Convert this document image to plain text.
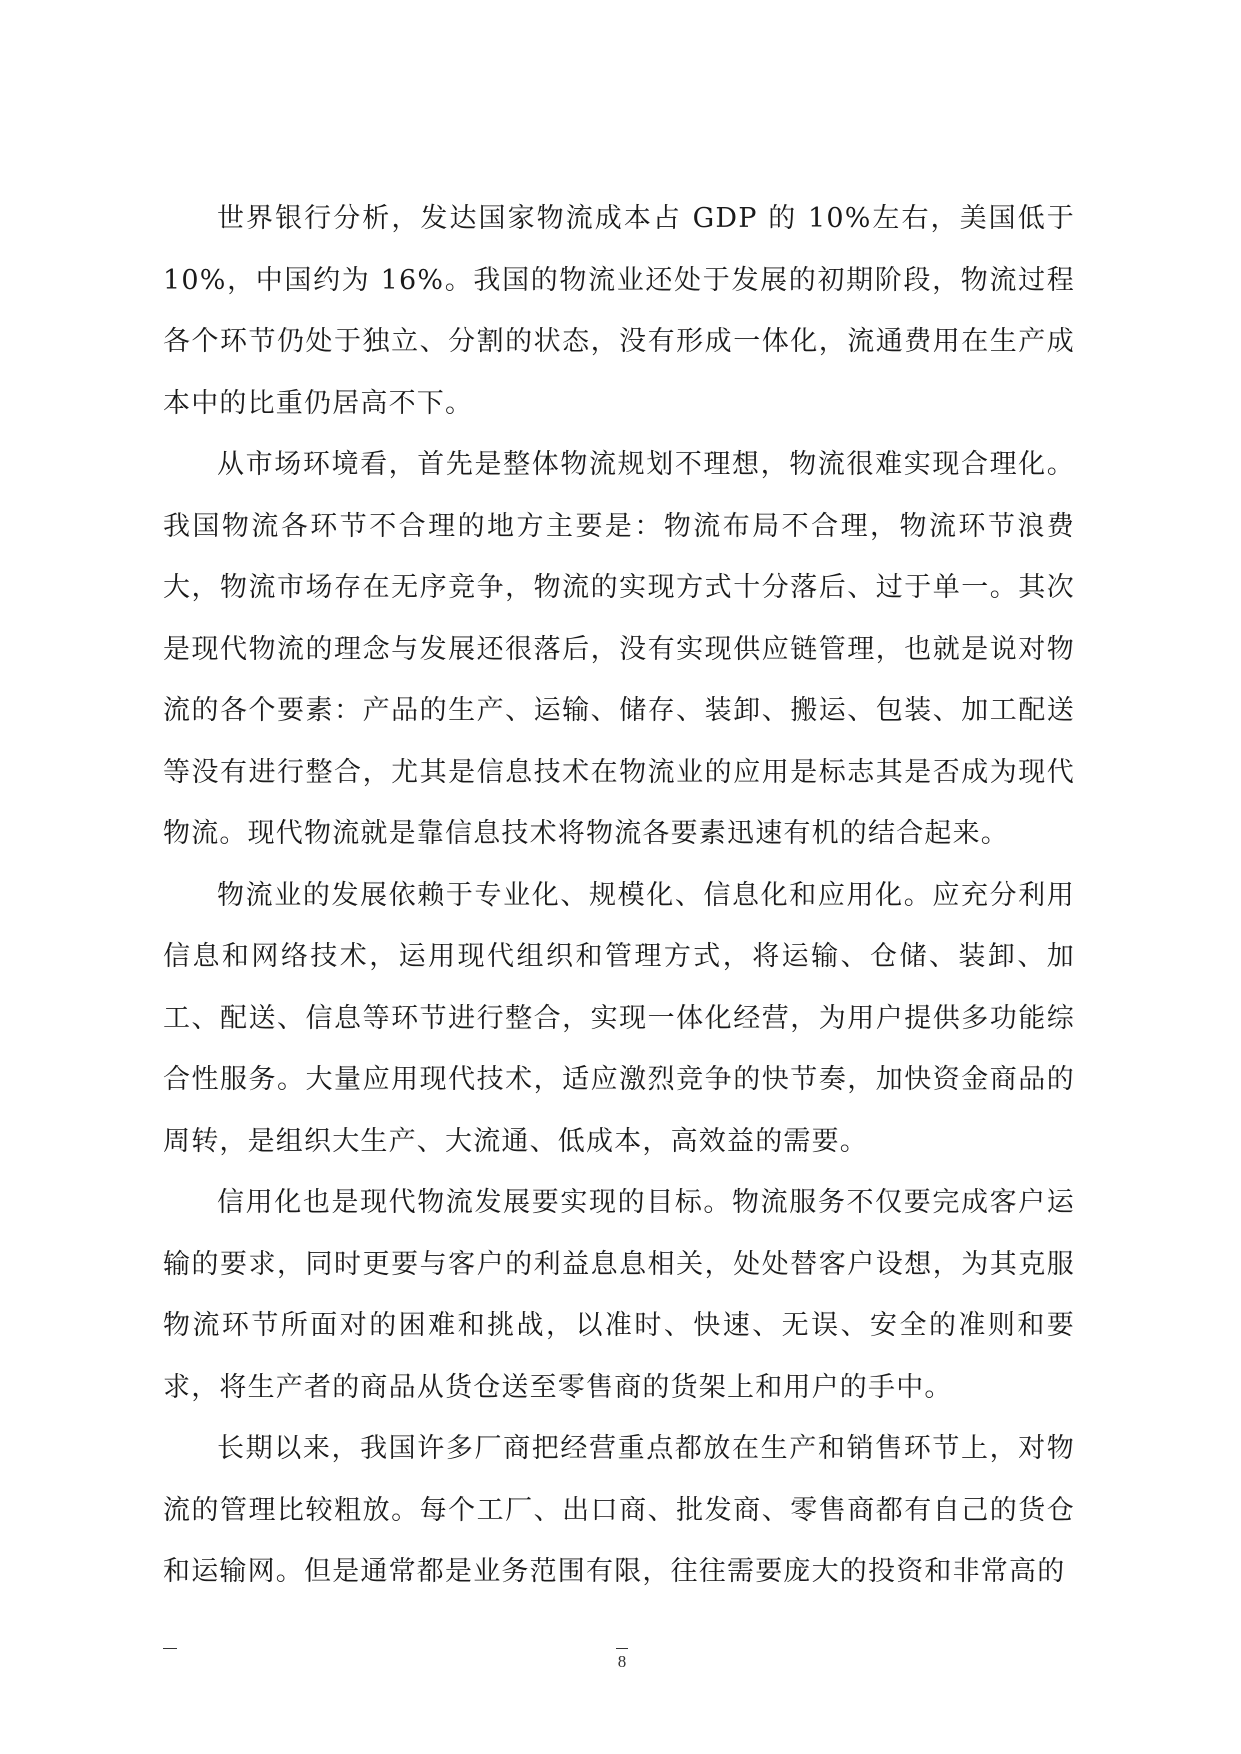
世界银行分析，发达国家物流成本占 GDP 的 10%左右，美国低于 10%，中国约为 16%。我国的物流业还处于发展的初期阶段，物流过程各个环节仍处于独立、分割的状态，没有形成一体化，流通费用在生产成本中的比重仍居高不下。

从市场环境看，首先是整体物流规划不理想，物流很难实现合理化。我国物流各环节不合理的地方主要是：物流布局不合理，物流环节浪费大，物流市场存在无序竞争，物流的实现方式十分落后、过于单一。其次是现代物流的理念与发展还很落后，没有实现供应链管理，也就是说对物流的各个要素：产品的生产、运输、储存、装卸、搬运、包装、加工配送等没有进行整合，尤其是信息技术在物流业的应用是标志其是否成为现代物流。现代物流就是靠信息技术将物流各要素迅速有机的结合起来。

物流业的发展依赖于专业化、规模化、信息化和应用化。应充分利用信息和网络技术，运用现代组织和管理方式，将运输、仓储、装卸、加工、配送、信息等环节进行整合，实现一体化经营，为用户提供多功能综合性服务。大量应用现代技术，适应激烈竞争的快节奏，加快资金商品的周转，是组织大生产、大流通、低成本，高效益的需要。

信用化也是现代物流发展要实现的目标。物流服务不仅要完成客户运输的要求，同时更要与客户的利益息息相关，处处替客户设想，为其克服物流环节所面对的困难和挑战，以准时、快速、无误、安全的准则和要求，将生产者的商品从货仓送至零售商的货架上和用户的手中。

长期以来，我国许多厂商把经营重点都放在生产和销售环节上，对物流的管理比较粗放。每个工厂、出口商、批发商、零售商都有自己的货仓和运输网。但是通常都是业务范围有限，往往需要庞大的投资和非常高的

8
